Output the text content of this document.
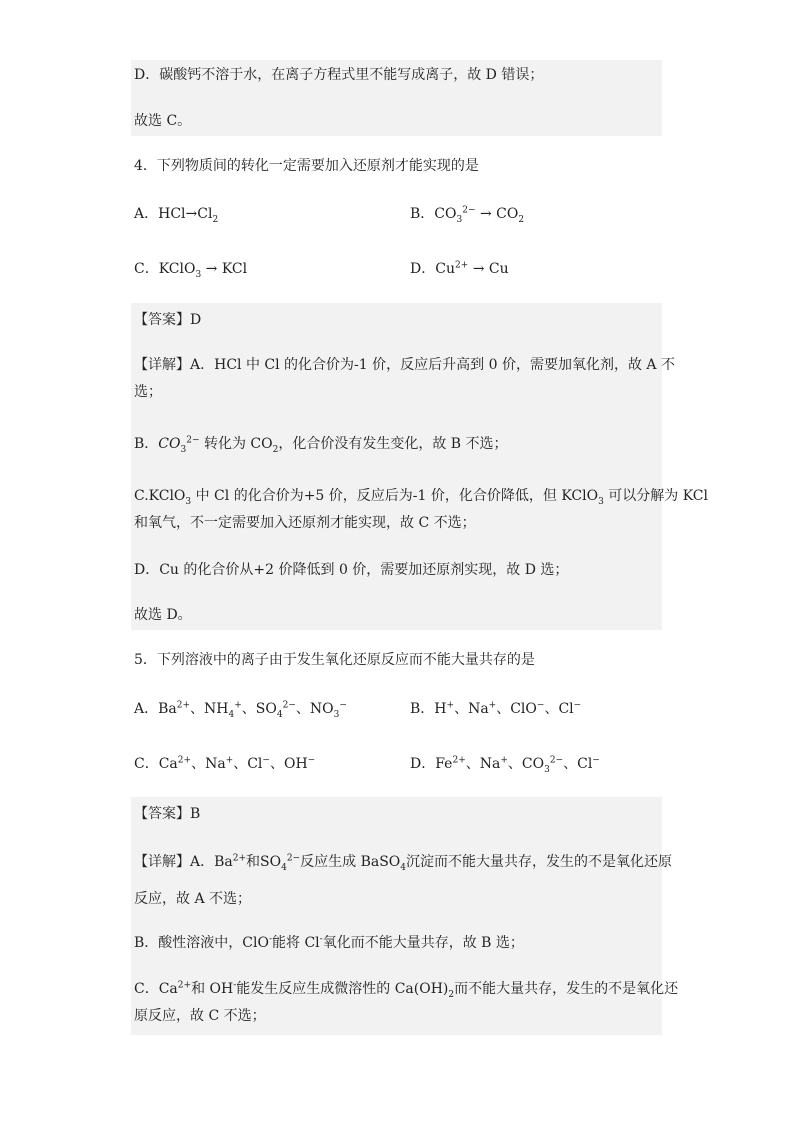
D．碳酸钙不溶于水，在离子方程式里不能写成离子，故 D 错误；
故选 C。
4．下列物质间的转化一定需要加入还原剂才能实现的是
A．$HCl\to Cl_2$	B．$CO_3^{2-} \to CO_2$
C．KClO$_3$ → KCl	D．$Cu^{2+} \to Cu$
【答案】D
【详解】A．HCl 中 Cl 的化合价为-1 价，反应后升高到 0 价，需要加氧化剂，故 A 不
选；
B．$CO_3^{2-}$ 转化为 $CO_2$，化合价没有发生变化，故 B 不选；
C.KClO$_3$ 中 Cl 的化合价为+5 价，反应后为-1 价，化合价降低，但 KClO$_3$ 可以分解为 KCl
和氧气，不一定需要加入还原剂才能实现，故 C 不选；
D．Cu 的化合价从+2 价降低到 0 价，需要加还原剂实现，故 D 选；
故选 D。
5．下列溶液中的离子由于发生氧化还原反应而不能大量共存的是
A．$Ba^{2+}$、$NH_4^+$、$SO_4^{2-}$、$NO_3^-$	B．H+、Na+、ClO−、Cl−
C．$Ca^{2+}$、Na+、Cl−、OH−	D．$Fe^{2+}$、Na+、$CO_3^{2-}$、Cl−
【答案】B
【详解】A．$Ba^{2+}$和$SO_4^{2-}$反应生成 BaSO$_4$沉淀而不能大量共存，发生的不是氧化还原
反应，故 A 不选；
B．酸性溶液中，ClO-能将 Cl-氧化而不能大量共存，故 B 选；
C．$Ca^{2+}$和 OH-能发生反应生成微溶性的 $Ca(OH)_2$而不能大量共存，发生的不是氧化还
原反应，故 C 不选；
